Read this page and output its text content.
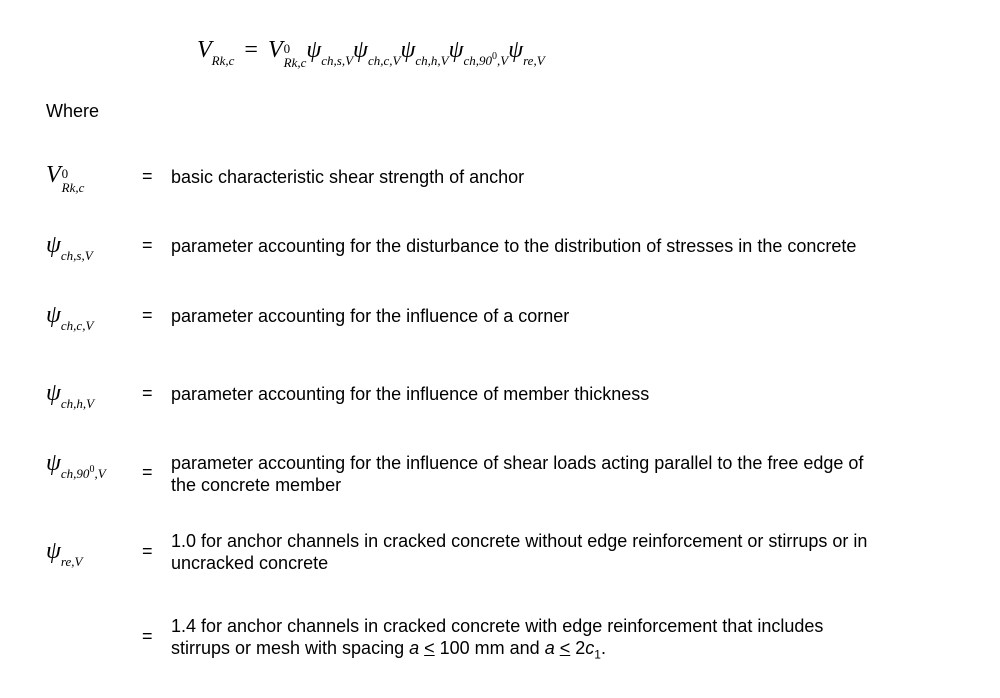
$V_{Rk,c} = V$ 0
Rk,c $\psi_{ch,s,V}\psi_{ch,c,V}\psi_{ch,h,V}\psi_{ch,90^0,V}\psi_{re,V}$
Where
V 0
Rk,c
= basic characteristic shear strength of anchor
$\psi_{ch,s,V}$
= parameter accounting for the disturbance to the distribution of stresses in the concrete
$\psi_{ch,c,V}$
= parameter accounting for the influence of a corner
$\psi_{ch,h,V}$
= parameter accounting for the influence of member thickness
$\psi_{ch,90^0,V}$ = parameter accounting for the influence of shear loads acting parallel to the free edge of
the concrete member
$\psi_{re,V}$
= 1.0 for anchor channels in cracked concrete without edge reinforcement or stirrups or in
uncracked concrete
= 1.4 for anchor channels in cracked concrete with edge reinforcement that includes
stirrups or mesh with spacing a < 100 mm and $a < 2c_1$.
